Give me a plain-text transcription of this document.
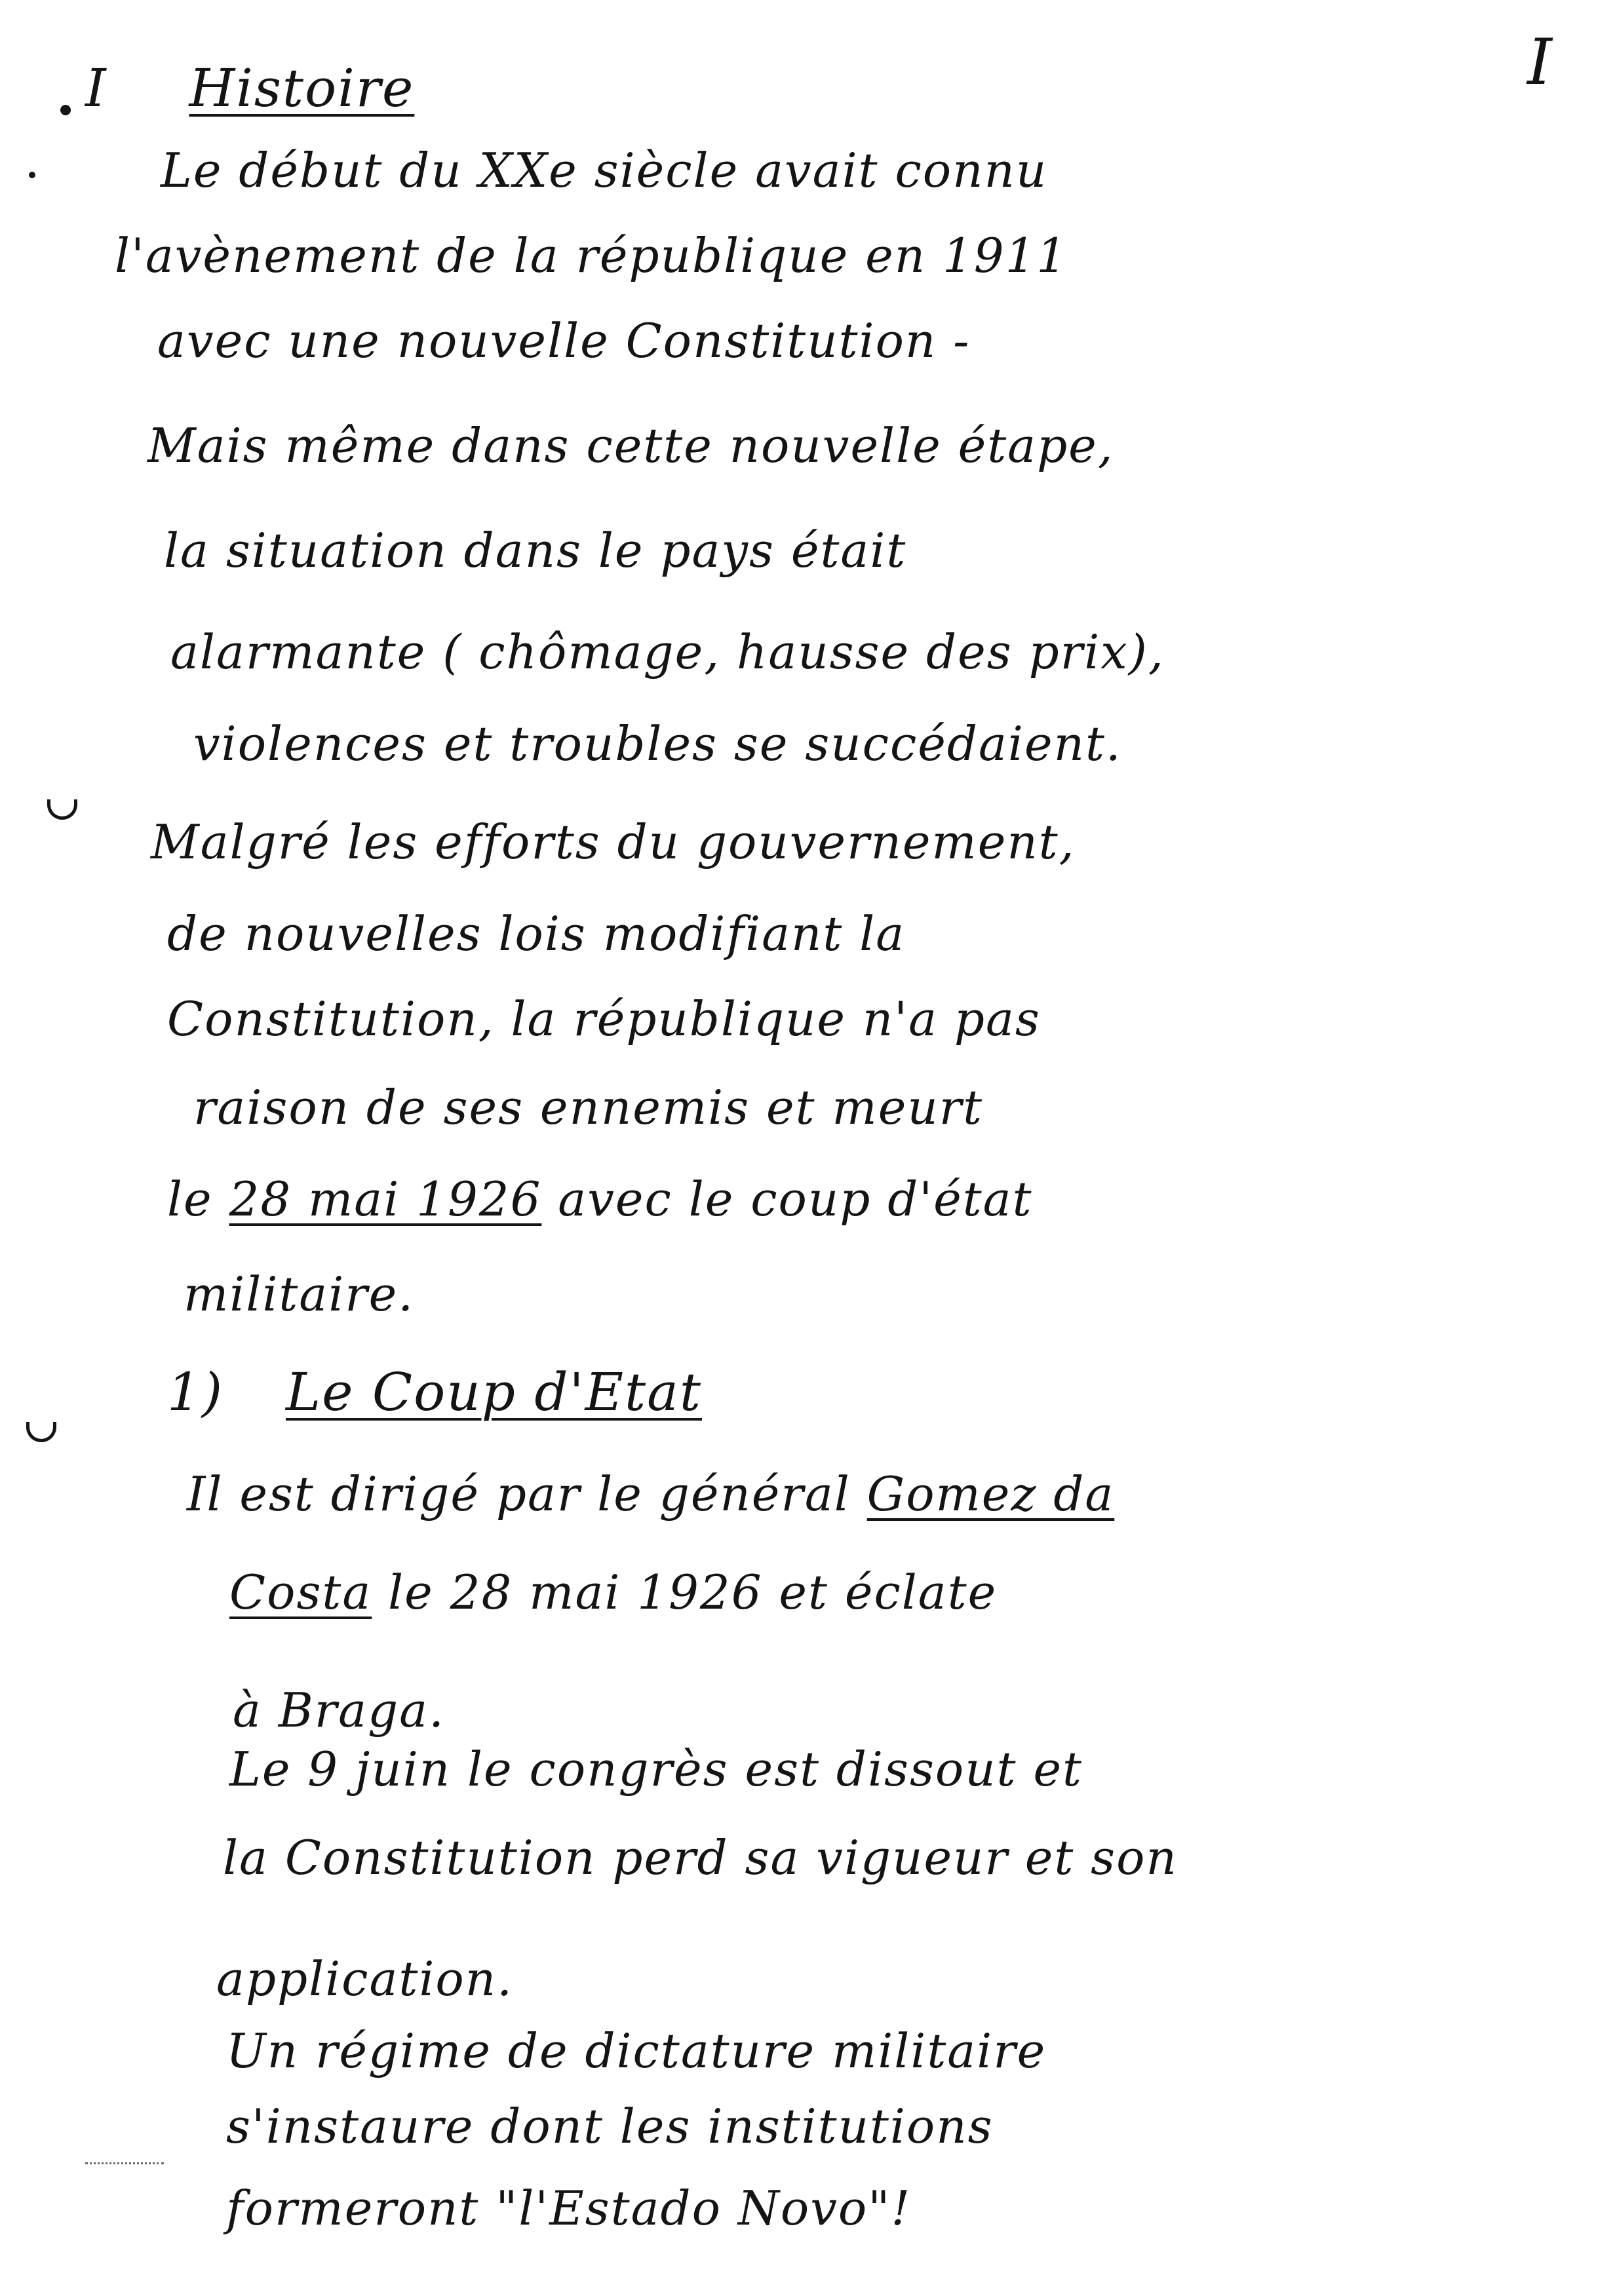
I
I Histoire
Le début du XXe siècle avait connu
l'avènement de la république en 1911
avec une nouvelle Constitution -
Mais même dans cette nouvelle étape,
la situation dans le pays était
alarmante ( chômage, hausse des prix),
violences et troubles se succédaient.
Malgré les efforts du gouvernement,
de nouvelles lois modifiant la
Constitution, la république n'a pas
raison de ses ennemis et meurt
le 28 mai 1926 avec le coup d'état
militaire.
1) Le Coup d'Etat
Il est dirigé par le général Gomez da
Costa le 28 mai 1926 et éclate
à Braga.
Le 9 juin le congrès est dissout et
la Constitution perd sa vigueur et son
application.
Un régime de dictature militaire
s'instaure dont les institutions
formeront "l'Estado Novo"!
